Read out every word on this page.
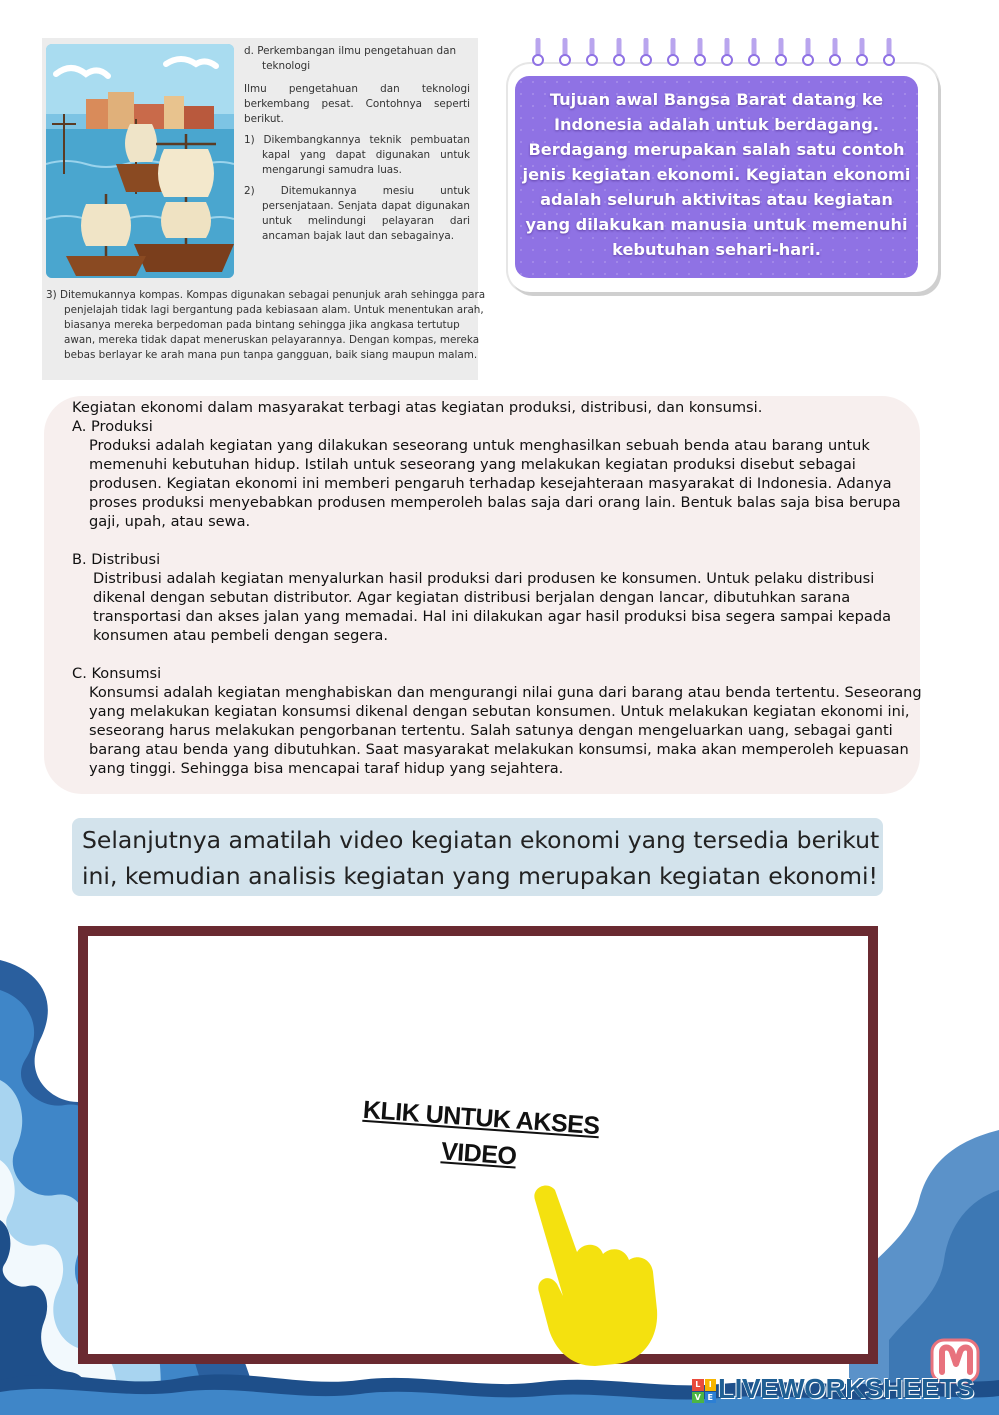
d. Perkembangan ilmu pengetahuan dan teknologi

Ilmu pengetahuan dan teknologi berkembang pesat. Contohnya seperti berikut.

1) Dikembangkannya teknik pembuatan kapal yang dapat digunakan untuk mengarungi samudra luas.

2) Ditemukannya mesiu untuk persenjataan. Senjata dapat digunakan untuk melindungi pelayaran dari ancaman bajak laut dan sebagainya.

3) Ditemukannya kompas. Kompas digunakan sebagai penunjuk arah sehingga para penjelajah tidak lagi bergantung pada kebiasaan alam. Untuk menentukan arah, biasanya mereka berpedoman pada bintang sehingga jika angkasa tertutup awan, mereka tidak dapat meneruskan pelayarannya. Dengan kompas, mereka bebas berlayar ke arah mana pun tanpa gangguan, baik siang maupun malam.
Tujuan awal Bangsa Barat datang ke Indonesia adalah untuk berdagang. Berdagang merupakan salah satu contoh jenis kegiatan ekonomi. Kegiatan ekonomi adalah seluruh aktivitas atau kegiatan yang dilakukan manusia untuk memenuhi kebutuhan sehari-hari.

Kegiatan ekonomi dalam masyarakat terbagi atas kegiatan produksi, distribusi, dan konsumsi.

A. Produksi

Produksi adalah kegiatan yang dilakukan seseorang untuk menghasilkan sebuah benda atau barang untuk memenuhi kebutuhan hidup. Istilah untuk seseorang yang melakukan kegiatan produksi disebut sebagai produsen. Kegiatan ekonomi ini memberi pengaruh terhadap kesejahteraan masyarakat di Indonesia. Adanya proses produksi menyebabkan produsen memperoleh balas saja dari orang lain. Bentuk balas saja bisa berupa gaji, upah, atau sewa.

B. Distribusi

Distribusi adalah kegiatan menyalurkan hasil produksi dari produsen ke konsumen. Untuk pelaku distribusi dikenal dengan sebutan distributor. Agar kegiatan distribusi berjalan dengan lancar, dibutuhkan sarana transportasi dan akses jalan yang memadai. Hal ini dilakukan agar hasil produksi bisa segera sampai kepada konsumen atau pembeli dengan segera.

C. Konsumsi

Konsumsi adalah kegiatan menghabiskan dan mengurangi nilai guna dari barang atau benda tertentu. Seseorang yang melakukan kegiatan konsumsi dikenal dengan sebutan konsumen. Untuk melakukan kegiatan ekonomi ini, seseorang harus melakukan pengorbanan tertentu. Salah satunya dengan mengeluarkan uang, sebagai ganti barang atau benda yang dibutuhkan. Saat masyarakat melakukan konsumsi, maka akan memperoleh kepuasan yang tinggi. Sehingga bisa mencapai taraf hidup yang sejahtera.

Selanjutnya amatilah video kegiatan ekonomi yang tersedia berikut ini, kemudian analisis kegiatan yang merupakan kegiatan ekonomi!
KLIK UNTUK AKSES
VIDEO
L	I
V E LIVEWORKSHEETS
